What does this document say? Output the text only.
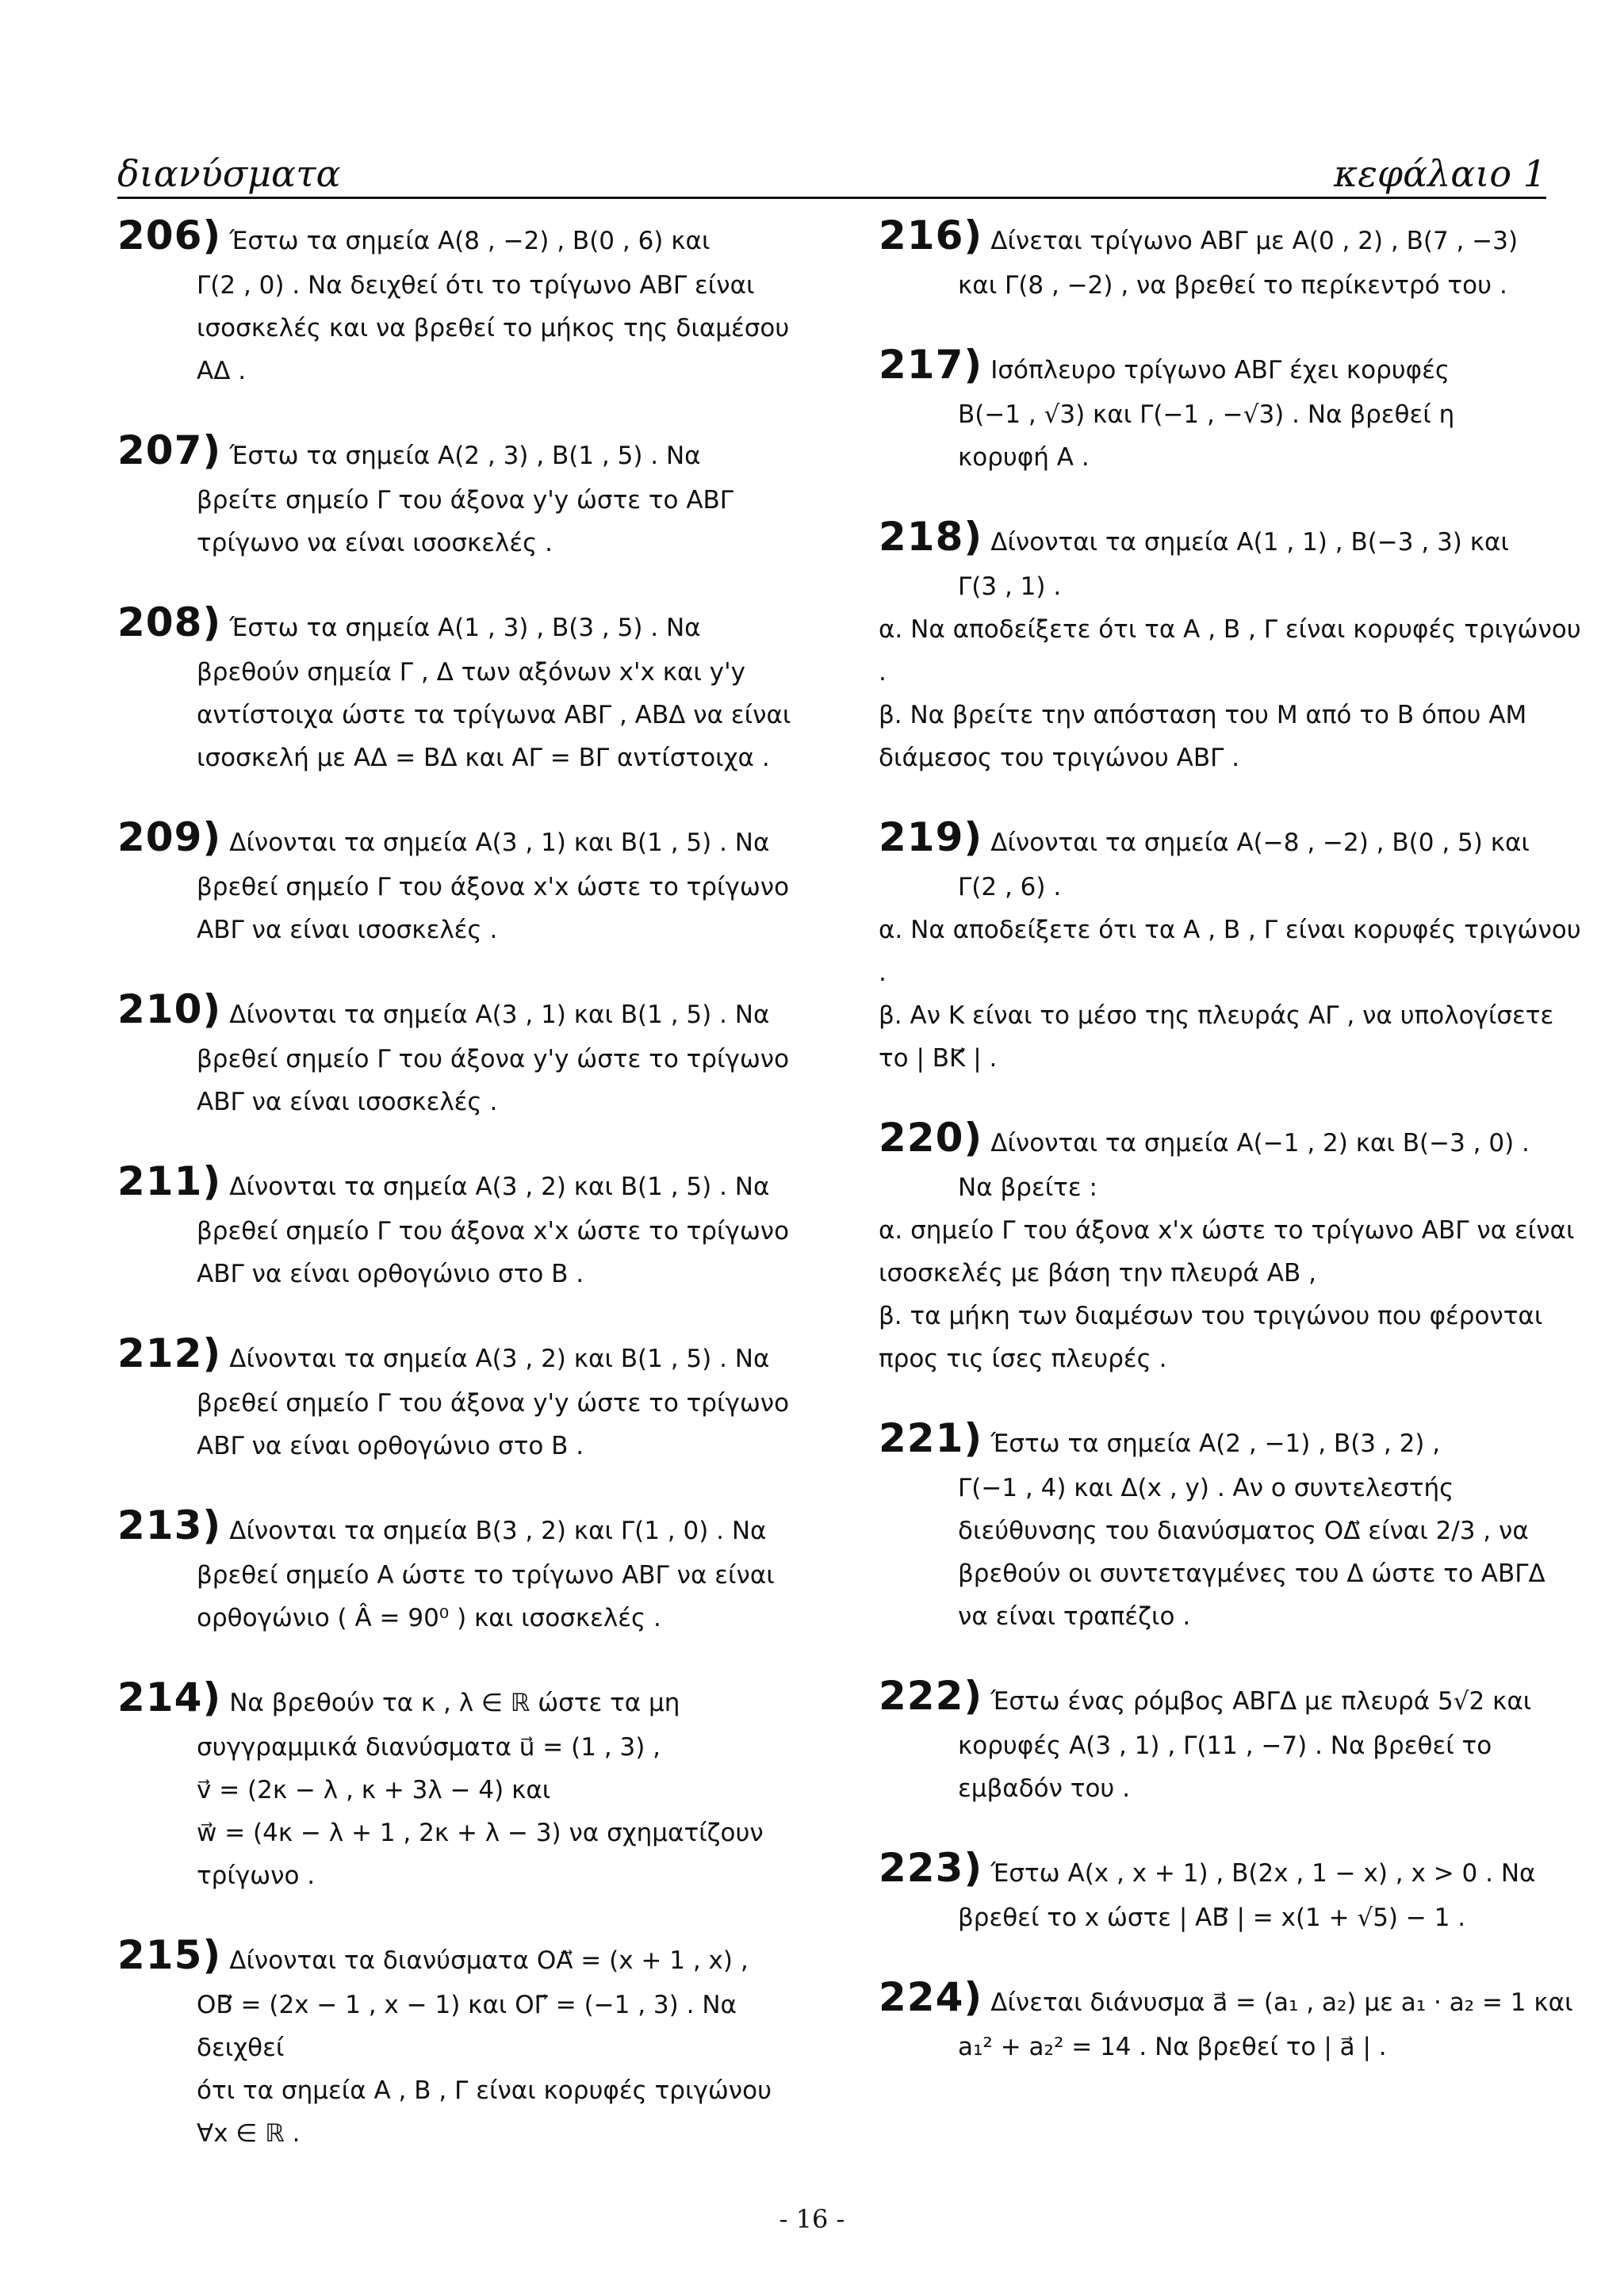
διανύσματα	κεφάλαιο 1
206) Έστω τα σημεία Α(8 , −2) , Β(0 , 6) και
Γ(2 , 0) . Να δειχθεί ότι το τρίγωνο ΑΒΓ είναι
ισοσκελές και να βρεθεί το μήκος της διαμέσου
ΑΔ .
207) Έστω τα σημεία Α(2 , 3) , Β(1 , 5) . Να
βρείτε σημείο Γ του άξονα y'y ώστε το ΑΒΓ
τρίγωνο να είναι ισοσκελές .
208) Έστω τα σημεία Α(1 , 3) , Β(3 , 5) . Να
βρεθούν σημεία Γ , Δ των αξόνων x'x και y'y
αντίστοιχα ώστε τα τρίγωνα ΑΒΓ , ΑΒΔ να είναι
ισοσκελή με ΑΔ = ΒΔ και ΑΓ = ΒΓ αντίστοιχα .
209) Δίνονται τα σημεία Α(3 , 1) και Β(1 , 5) . Να
βρεθεί σημείο Γ του άξονα x'x ώστε το τρίγωνο
ΑΒΓ να είναι ισοσκελές .
210) Δίνονται τα σημεία Α(3 , 1) και Β(1 , 5) . Να
βρεθεί σημείο Γ του άξονα y'y ώστε το τρίγωνο
ΑΒΓ να είναι ισοσκελές .
211) Δίνονται τα σημεία Α(3 , 2) και Β(1 , 5) . Να
βρεθεί σημείο Γ του άξονα x'x ώστε το τρίγωνο
ΑΒΓ να είναι ορθογώνιο στο Β .
212) Δίνονται τα σημεία Α(3 , 2) και Β(1 , 5) . Να
βρεθεί σημείο Γ του άξονα y'y ώστε το τρίγωνο
ΑΒΓ να είναι ορθογώνιο στο Β .
213) Δίνονται τα σημεία Β(3 , 2) και Γ(1 , 0) . Να
βρεθεί σημείο Α ώστε το τρίγωνο ΑΒΓ να είναι
ορθογώνιο ( Â = 90⁰ ) και ισοσκελές .
214) Να βρεθούν τα κ , λ ∈ ℝ ώστε τα μη
συγγραμμικά διανύσματα u⃗ = (1 , 3) ,
v⃗ = (2κ − λ , κ + 3λ − 4) και
w⃗ = (4κ − λ + 1 , 2κ + λ − 3) να σχηματίζουν
τρίγωνο .
215) Δίνονται τα διανύσματα ΟΑ⃗ = (x + 1 , x) ,
ΟΒ⃗ = (2x − 1 , x − 1) και ΟΓ⃗ = (−1 , 3) . Να δειχθεί
ότι τα σημεία Α , Β , Γ είναι κορυφές τριγώνου
∀x ∈ ℝ .
216) Δίνεται τρίγωνο ΑΒΓ με Α(0 , 2) , Β(7 , −3)
και Γ(8 , −2) , να βρεθεί το περίκεντρό του .
217) Ισόπλευρο τρίγωνο ΑΒΓ έχει κορυφές
Β(−1 , √3) και Γ(−1 , −√3) . Να βρεθεί η
κορυφή Α .
218) Δίνονται τα σημεία Α(1 , 1) , Β(−3 , 3) και
Γ(3 , 1) .
α. Να αποδείξετε ότι τα Α , Β , Γ είναι κορυφές τριγώνου .
β. Να βρείτε την απόσταση του Μ από το Β όπου ΑΜ διάμεσος του τριγώνου ΑΒΓ .
219) Δίνονται τα σημεία Α(−8 , −2) , Β(0 , 5) και
Γ(2 , 6) .
α. Να αποδείξετε ότι τα Α , Β , Γ είναι κορυφές τριγώνου .
β. Αν Κ είναι το μέσο της πλευράς ΑΓ , να υπολογίσετε
το | ΒΚ⃗ | .
220) Δίνονται τα σημεία Α(−1 , 2) και Β(−3 , 0) .
Να βρείτε :
α. σημείο Γ του άξονα x'x ώστε το τρίγωνο ΑΒΓ να είναι ισοσκελές με βάση την πλευρά ΑΒ ,
β. τα μήκη των διαμέσων του τριγώνου που φέρονται προς τις ίσες πλευρές .
221) Έστω τα σημεία Α(2 , −1) , Β(3 , 2) ,
Γ(−1 , 4) και Δ(x , y) . Αν ο συντελεστής
διεύθυνσης του διανύσματος ΟΔ⃗ είναι 2/3 , να
βρεθούν οι συντεταγμένες του Δ ώστε το ΑΒΓΔ
να είναι τραπέζιο .
222) Έστω ένας ρόμβος ΑΒΓΔ με πλευρά 5√2 και
κορυφές Α(3 , 1) , Γ(11 , −7) . Να βρεθεί το
εμβαδόν του .
223) Έστω Α(x , x + 1) , Β(2x , 1 − x) , x > 0 . Να
βρεθεί το x ώστε | ΑΒ⃗ | = x(1 + √5) − 1 .
224) Δίνεται διάνυσμα a⃗ = (a₁ , a₂) με a₁ · a₂ = 1 και
a₁² + a₂² = 14 . Να βρεθεί το | a⃗ | .
- 16 -
